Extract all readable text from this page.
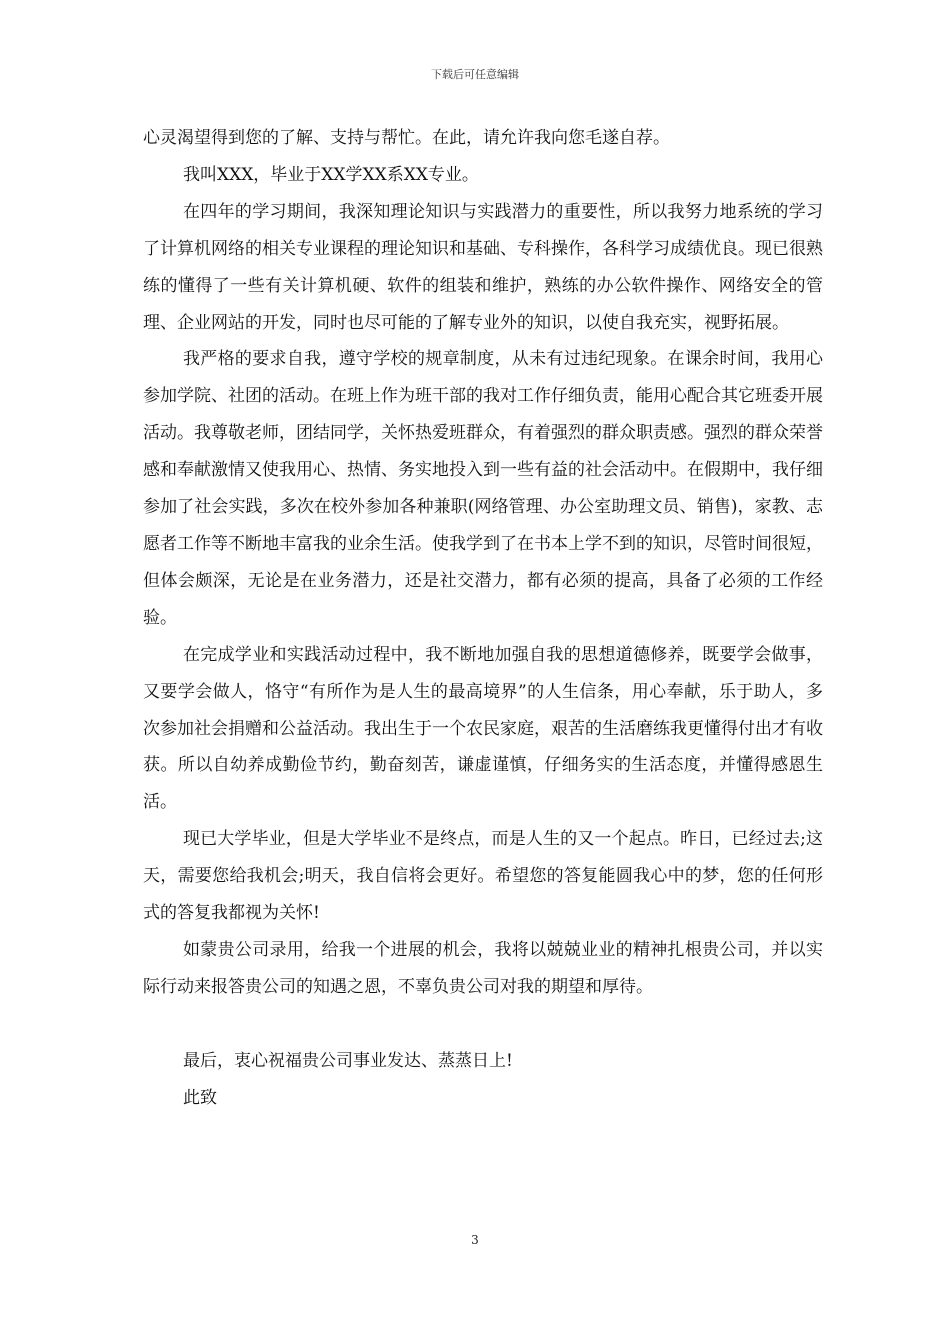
下载后可任意编辑

心灵渴望得到您的了解、支持与帮忙。在此，请允许我向您毛遂自荐。

我叫XXX，毕业于XX学XX系XX专业。

在四年的学习期间，我深知理论知识与实践潜力的重要性，所以我努力地系统的学习了计算机网络的相关专业课程的理论知识和基础、专科操作，各科学习成绩优良。现已很熟练的懂得了一些有关计算机硬、软件的组装和维护，熟练的办公软件操作、网络安全的管理、企业网站的开发，同时也尽可能的了解专业外的知识，以使自我充实，视野拓展。

我严格的要求自我，遵守学校的规章制度，从未有过违纪现象。在课余时间，我用心参加学院、社团的活动。在班上作为班干部的我对工作仔细负责，能用心配合其它班委开展活动。我尊敬老师，团结同学，关怀热爱班群众，有着强烈的群众职责感。强烈的群众荣誉感和奉献激情又使我用心、热情、务实地投入到一些有益的社会活动中。在假期中，我仔细参加了社会实践，多次在校外参加各种兼职(网络管理、办公室助理文员、销售)，家教、志愿者工作等不断地丰富我的业余生活。使我学到了在书本上学不到的知识，尽管时间很短，但体会颇深，无论是在业务潜力，还是社交潜力，都有必须的提高，具备了必须的工作经验。

在完成学业和实践活动过程中，我不断地加强自我的思想道德修养，既要学会做事，又要学会做人，恪守“有所作为是人生的最高境界”的人生信条，用心奉献，乐于助人，多次参加社会捐赠和公益活动。我出生于一个农民家庭，艰苦的生活磨练我更懂得付出才有收获。所以自幼养成勤俭节约，勤奋刻苦，谦虚谨慎，仔细务实的生活态度，并懂得感恩生活。

现已大学毕业，但是大学毕业不是终点，而是人生的又一个起点。昨日，已经过去;这天，需要您给我机会;明天，我自信将会更好。希望您的答复能圆我心中的梦，您的任何形式的答复我都视为关怀!

如蒙贵公司录用，给我一个进展的机会，我将以兢兢业业的精神扎根贵公司，并以实际行动来报答贵公司的知遇之恩，不辜负贵公司对我的期望和厚待。

最后，衷心祝福贵公司事业发达、蒸蒸日上!

此致

3
